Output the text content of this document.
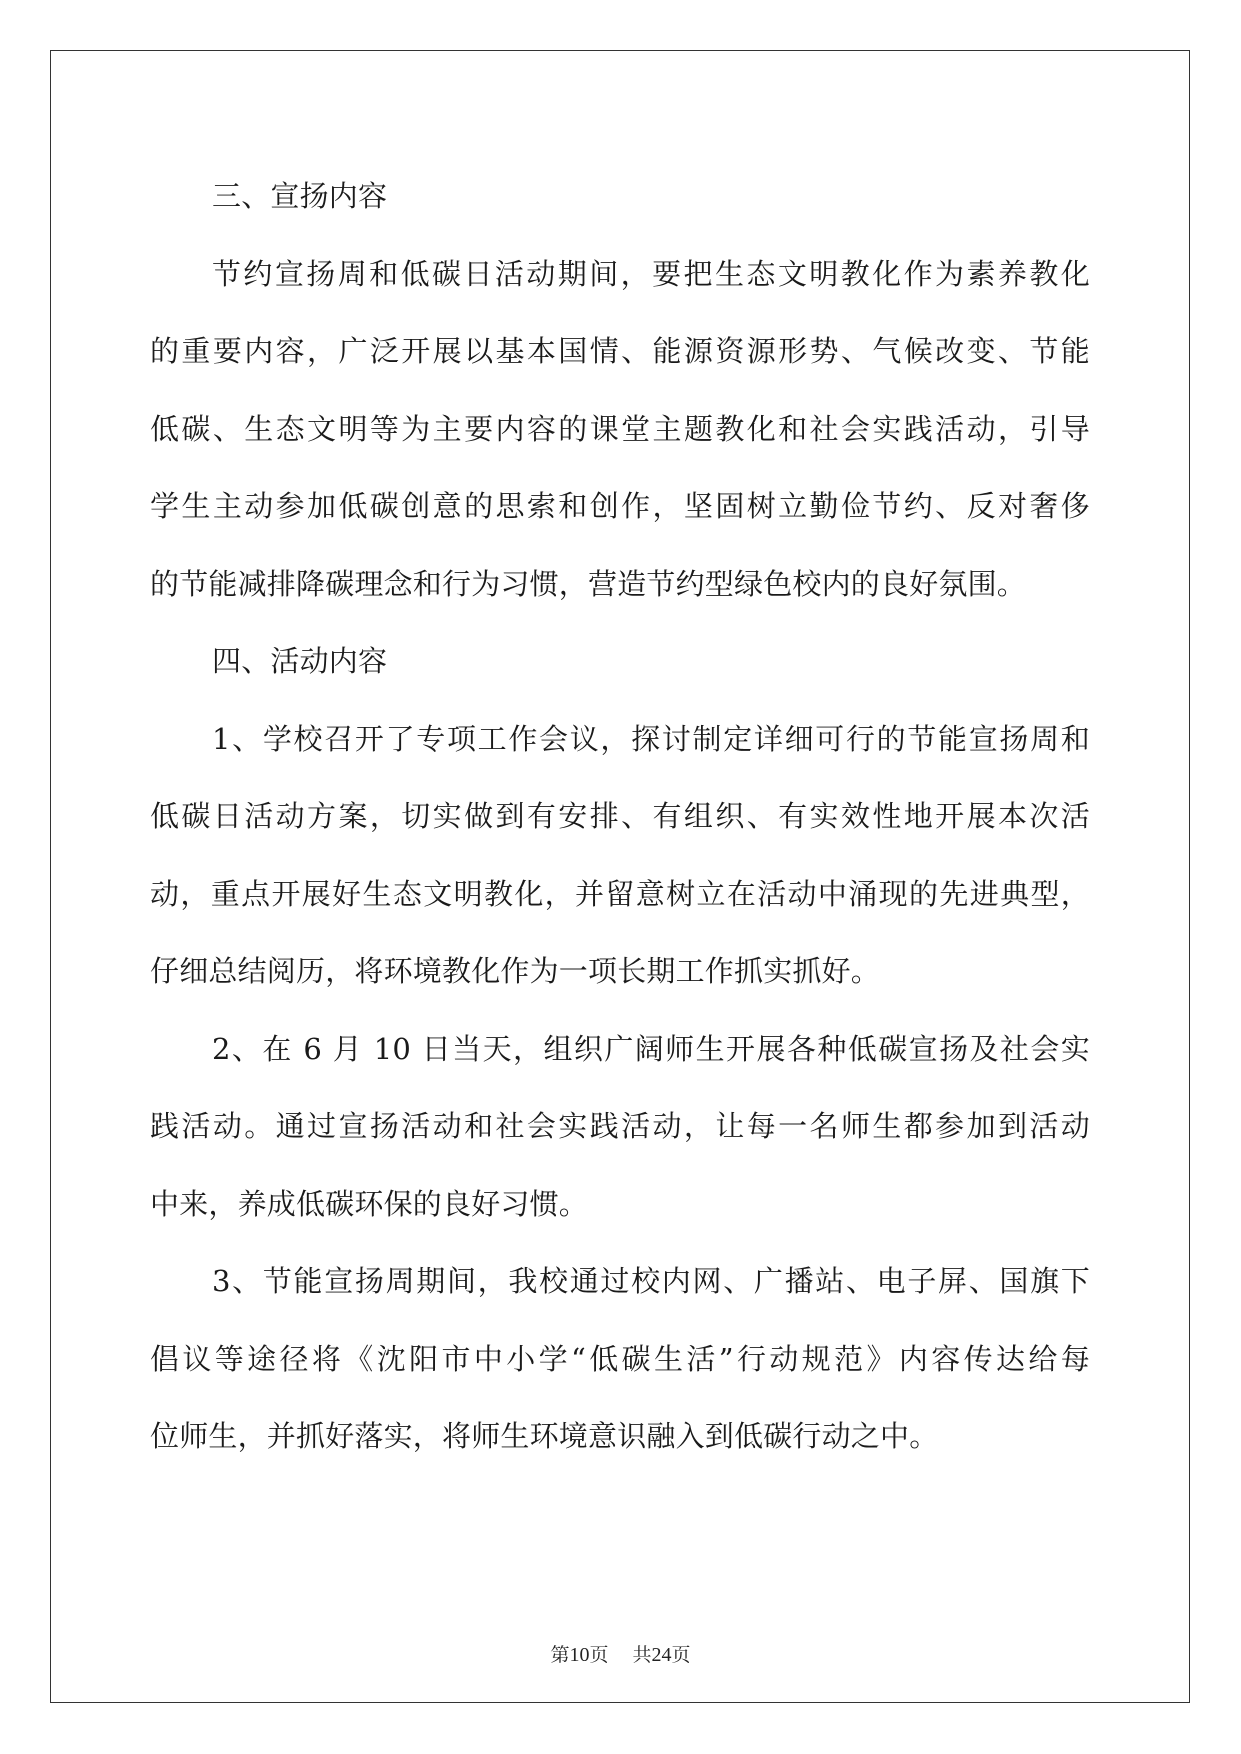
三、宣扬内容
节约宣扬周和低碳日活动期间，要把生态文明教化作为素养教化
的重要内容，广泛开展以基本国情、能源资源形势、气候改变、节能
低碳、生态文明等为主要内容的课堂主题教化和社会实践活动，引导
学生主动参加低碳创意的思索和创作，坚固树立勤俭节约、反对奢侈
的节能减排降碳理念和行为习惯，营造节约型绿色校内的良好氛围。
四、活动内容
1、学校召开了专项工作会议，探讨制定详细可行的节能宣扬周和
低碳日活动方案，切实做到有安排、有组织、有实效性地开展本次活
动，重点开展好生态文明教化，并留意树立在活动中涌现的先进典型，
仔细总结阅历，将环境教化作为一项长期工作抓实抓好。
2、在 6 月 10 日当天，组织广阔师生开展各种低碳宣扬及社会实
践活动。通过宣扬活动和社会实践活动，让每一名师生都参加到活动
中来，养成低碳环保的良好习惯。
3、节能宣扬周期间，我校通过校内网、广播站、电子屏、国旗下
倡议等途径将《沈阳市中小学“低碳生活”行动规范》内容传达给每
位师生，并抓好落实，将师生环境意识融入到低碳行动之中。
第10页 共24页
